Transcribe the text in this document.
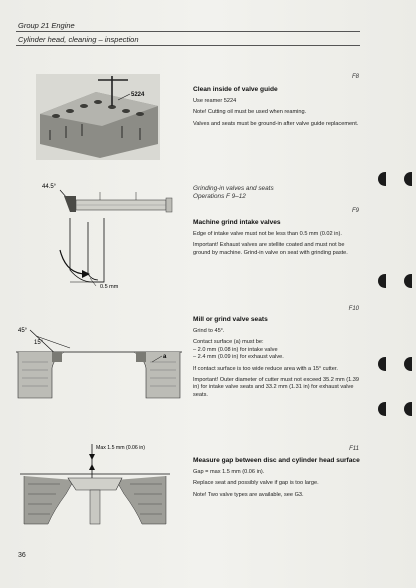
Group 21 Engine
Cylinder head, cleaning – inspection
5224
44.5°
0.5 mm
45°
15°
a
Max 1.5 mm (0.06 in)
F8
Clean inside of valve guide

Use reamer 5224

Note! Cutting oil must be used when reaming.

Valves and seats must be ground-in after valve guide replacement.

Grinding-in valves and seats
Operations F 9–12
F9
Machine grind intake valves

Edge of intake valve must not be less than 0.5 mm (0.02 in).

Important! Exhaust valves are stellite coated and must not be ground by machine. Grind-in valve on seat with grinding paste.

F10
Mill or grind valve seats

Grind to 45°.

Contact surface (a) must be:

– 2.0 mm (0.08 in) for intake valve

– 2.4 mm (0.09 in) for exhaust valve.

If contact surface is too wide reduce area with a 15° cutter.

Important! Outer diameter of cutter must not exceed 35.2 mm (1.39 in) for intake valve seats and 33.2 mm (1.31 in) for exhaust valve seats.

F11
Measure gap between disc and cylinder head surface

Gap = max 1.5 mm (0.06 in).

Replace seat and possibly valve if gap is too large.

Note! Two valve types are available, see G3.

36
